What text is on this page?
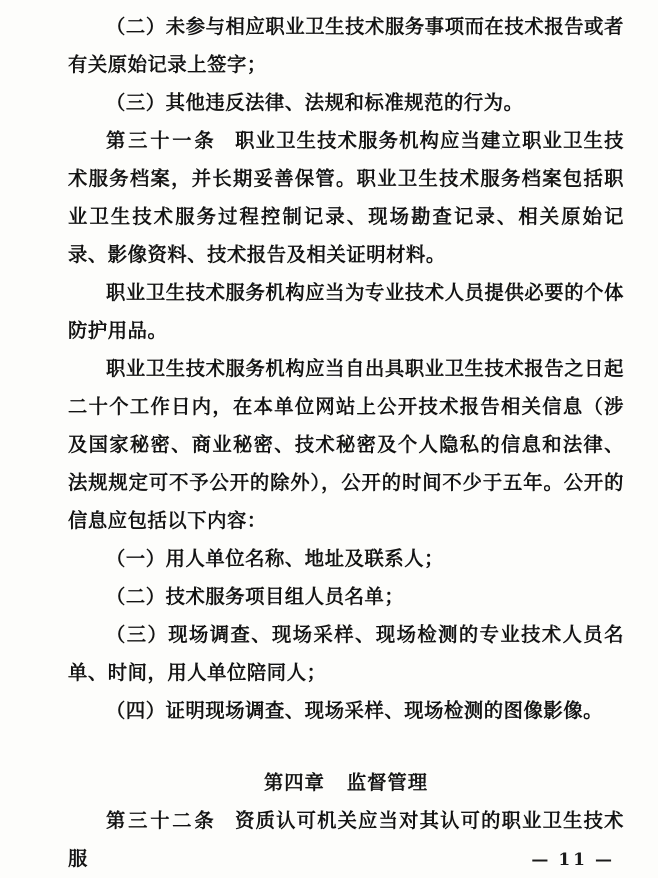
（二）未参与相应职业卫生技术服务事项而在技术报告或者有关原始记录上签字；

（三）其他违反法律、法规和标准规范的行为。

第三十一条 职业卫生技术服务机构应当建立职业卫生技术服务档案，并长期妥善保管。职业卫生技术服务档案包括职业卫生技术服务过程控制记录、现场勘查记录、相关原始记录、影像资料、技术报告及相关证明材料。

职业卫生技术服务机构应当为专业技术人员提供必要的个体防护用品。

职业卫生技术服务机构应当自出具职业卫生技术报告之日起二十个工作日内，在本单位网站上公开技术报告相关信息（涉及国家秘密、商业秘密、技术秘密及个人隐私的信息和法律、法规规定可不予公开的除外），公开的时间不少于五年。公开的信息应包括以下内容：

（一）用人单位名称、地址及联系人；

（二）技术服务项目组人员名单；

（三）现场调查、现场采样、现场检测的专业技术人员名单、时间，用人单位陪同人；

（四）证明现场调查、现场采样、现场检测的图像影像。

第四章 监督管理

第三十二条 资质认可机关应当对其认可的职业卫生技术服	— 11 —
